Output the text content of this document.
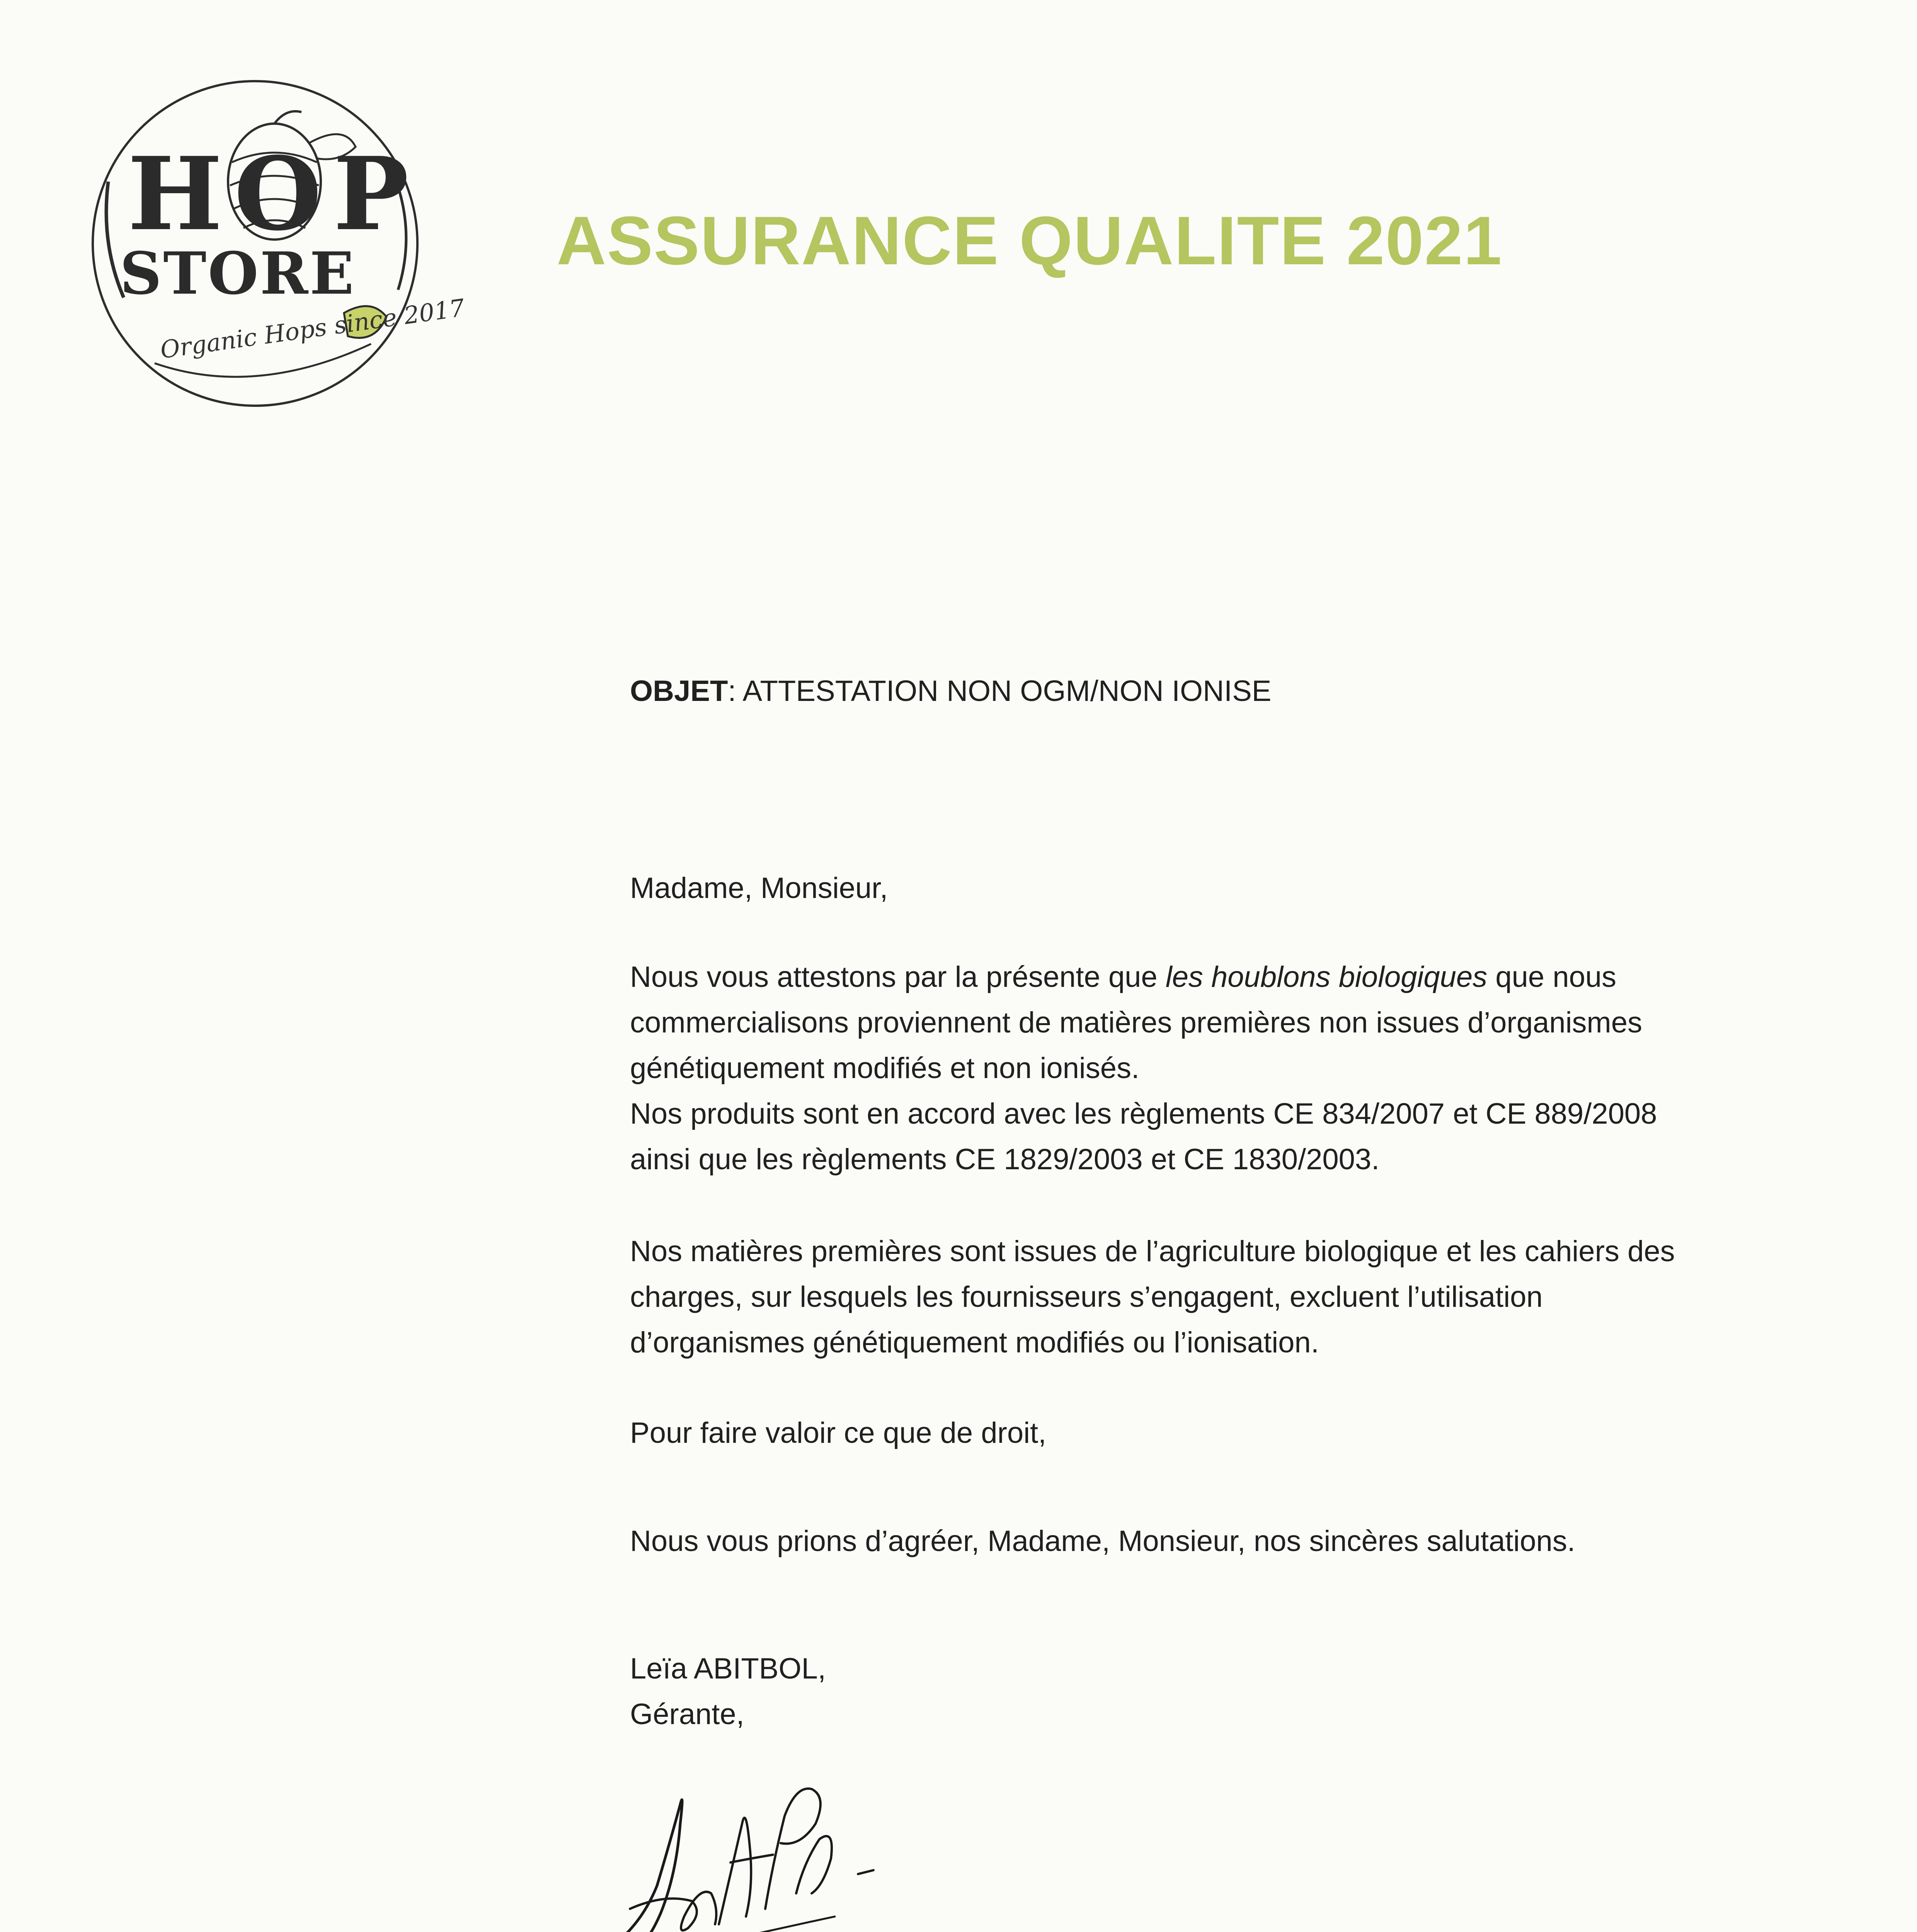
HOP
STORE
Organic Hops since 2017
ASSURANCE QUALITE 2021
OBJET: ATTESTATION NON OGM/NON IONISE
Madame, Monsieur,
Nous vous attestons par la présente que les houblons biologiques que nous
commercialisons proviennent de matières premières non issues d’organismes
génétiquement modifiés et non ionisés.
Nos produits sont en accord avec les règlements CE 834/2007 et CE 889/2008
ainsi que les règlements CE 1829/2003 et CE 1830/2003.
Nos matières premières sont issues de l’agriculture biologique et les cahiers des
charges, sur lesquels les fournisseurs s’engagent, excluent l’utilisation
d’organismes génétiquement modifiés ou l’ionisation.
Pour faire valoir ce que de droit,
Nous vous prions d’agréer, Madame, Monsieur, nos sincères salutations.
Leïa ABITBOL,
Gérante,
